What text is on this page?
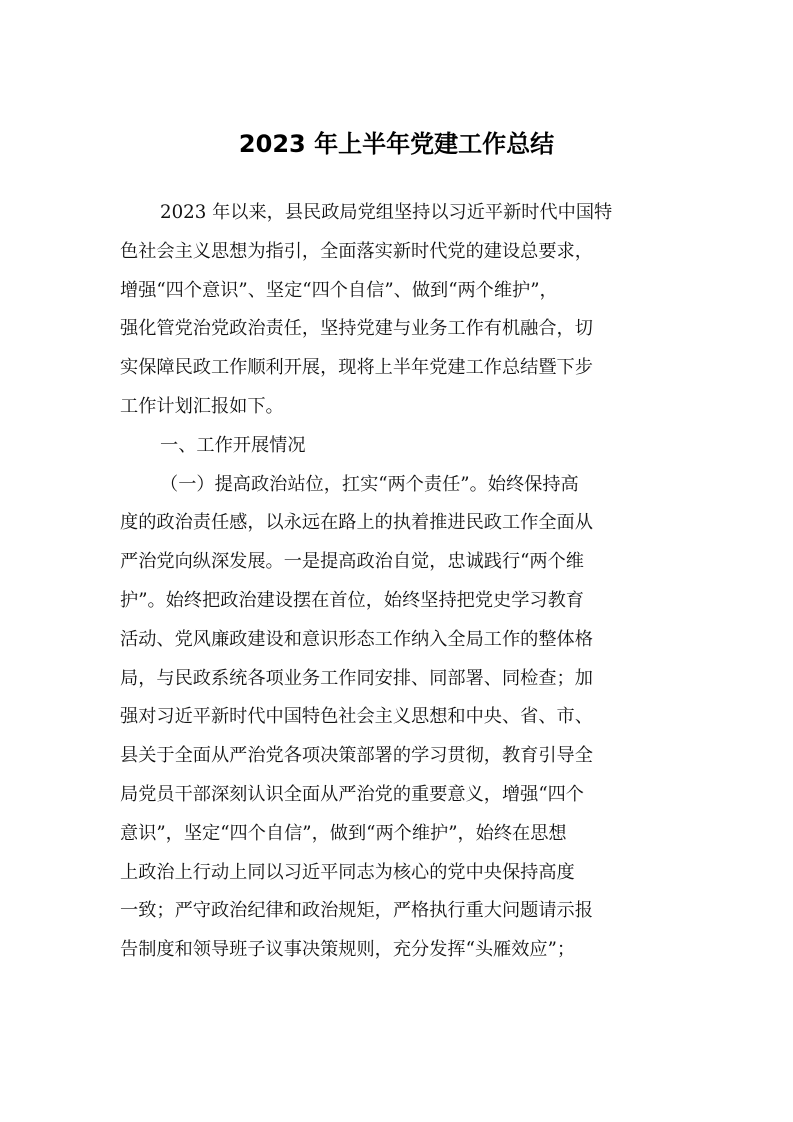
2023 年上半年党建工作总结
2023 年以来，县民政局党组坚持以习近平新时代中国特
色社会主义思想为指引，全面落实新时代党的建设总要求，
增强“四个意识”、坚定“四个自信”、做到“两个维护”，
强化管党治党政治责任，坚持党建与业务工作有机融合，切
实保障民政工作顺利开展，现将上半年党建工作总结暨下步
工作计划汇报如下。
一、工作开展情况
（一）提高政治站位，扛实“两个责任”。始终保持高
度的政治责任感，以永远在路上的执着推进民政工作全面从
严治党向纵深发展。一是提高政治自觉，忠诚践行“两个维
护”。始终把政治建设摆在首位，始终坚持把党史学习教育
活动、党风廉政建设和意识形态工作纳入全局工作的整体格
局，与民政系统各项业务工作同安排、同部署、同检查；加
强对习近平新时代中国特色社会主义思想和中央、省、市、
县关于全面从严治党各项决策部署的学习贯彻，教育引导全
局党员干部深刻认识全面从严治党的重要意义，增强“四个
意识”，坚定“四个自信”，做到“两个维护”，始终在思想
上政治上行动上同以习近平同志为核心的党中央保持高度
一致；严守政治纪律和政治规矩，严格执行重大问题请示报
告制度和领导班子议事决策规则，充分发挥“头雁效应”；
